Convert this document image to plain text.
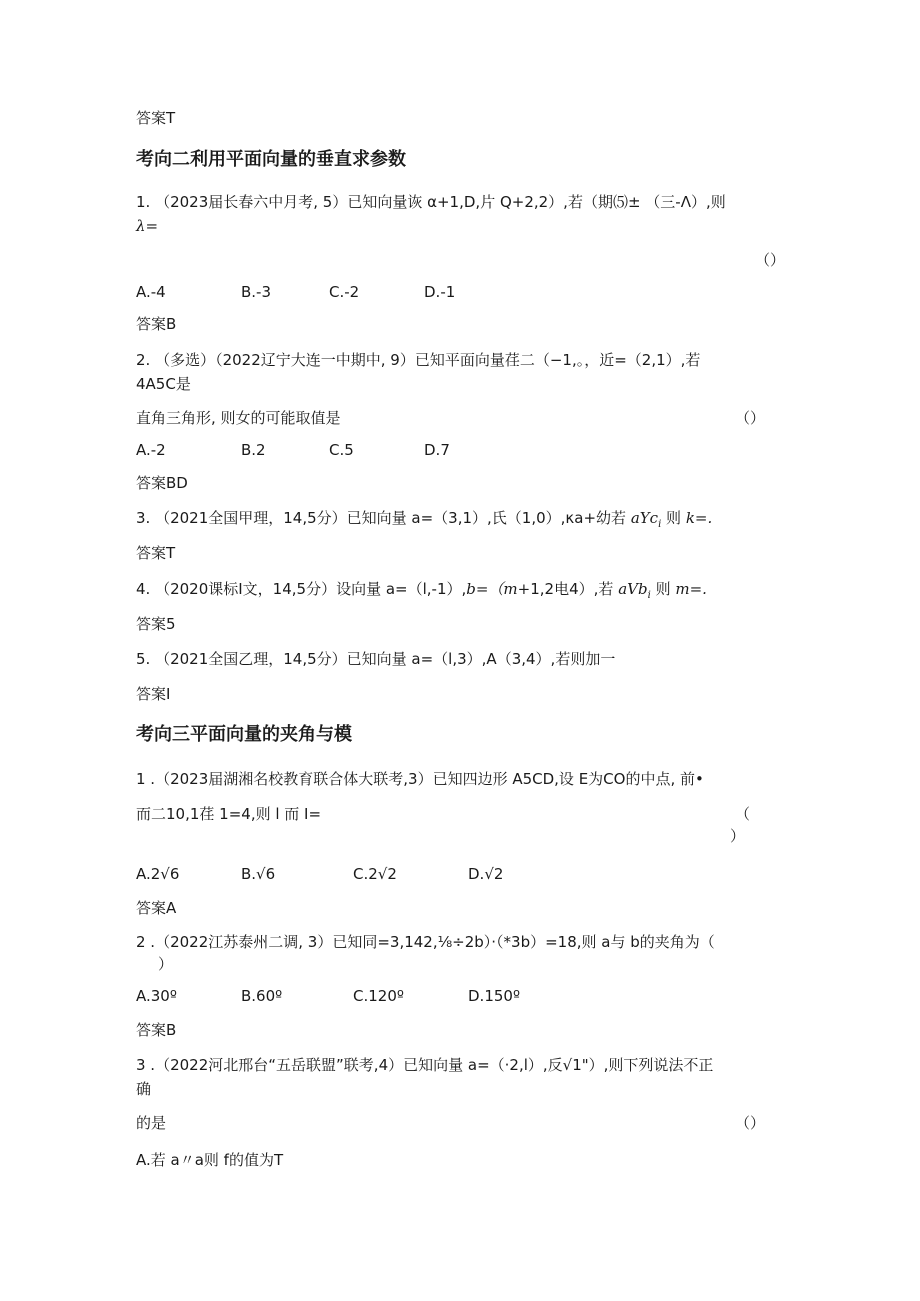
答案T
考向二利用平面向量的垂直求参数
1. （2023届长春六中月考, 5）已知向量诙 α+1,D,片 Q+2,2）,若（期⑸± （三-Λ）,则
λ=
（）
A.-4	B.-3	C.-2	D.-1
答案B
2. （多选）（2022辽宁大连一中期中, 9）已知平面向量荏二（−1,。，近=（2,1）,若
4A5C是
直角三角形, 则女的可能取值是	（）
A.-2	B.2	C.5	D.7
答案BD
3. （2021全国甲理，14,5分）已知向量 a=（3,1）,氏（1,0）,κa+幼若 aYc$_i$ 则 k=.
答案T
4. （2020课标Ⅰ文，14,5分）设向量 a=（l,-1）,b=（m+1,2电4）,若 aVb$_i$ 则 m=.
答案5
5. （2021全国乙理，14,5分）已知向量 a=（l,3）,A（3,4）,若则加一
答案I
考向三平面向量的夹角与模
1 .（2023届湖湘名校教育联合体大联考,3）已知四边形 A5CD,设 E为CO的中点, 前•
而二10,1荏 1=4,则 l 而 I=	（
）
A.2√6	B.√6	C.2√2	D.√2
答案A
2 .（2022江苏泰州二调, 3）已知同=3,142,⅛÷2b）·（*3b）=18,则 a与 b的夹角为（
）
A.30º	B.60º	C.120º	D.150º
答案B
3 .（2022河北邢台“五岳联盟”联考,4）已知向量 a=（·2,l）,反√1"）,则下列说法不正
确
的是	（）
A.若 a〃a则 f的值为T
